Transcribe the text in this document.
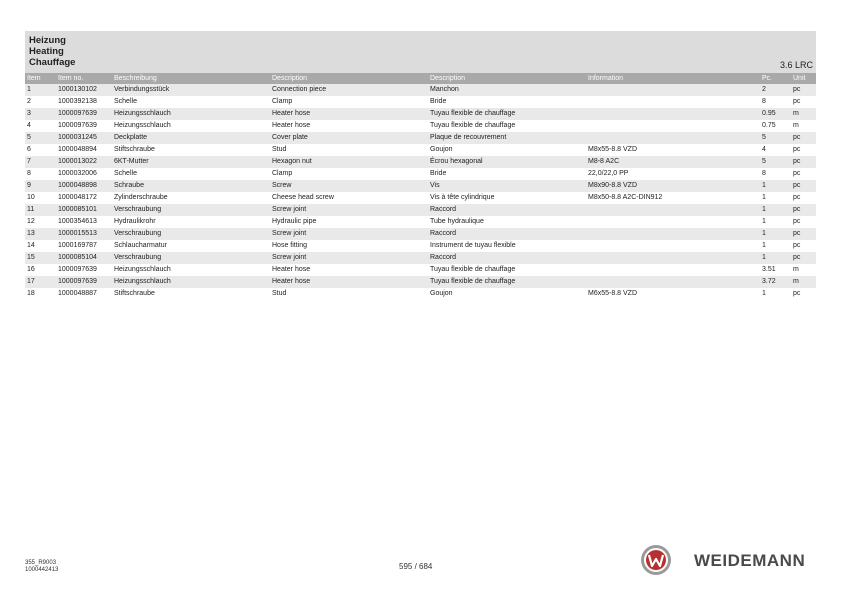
Heizung
Heating
Chauffage	3.6 LRC
Item	Item no.	Beschreibung	Description	Description	Information	Pc.	Unit
1	1000130102	Verbindungsstück	Connection piece	Manchon		2	pc
2	1000392138	Schelle	Clamp	Bride		8	pc
3	1000097639	Heizungsschlauch	Heater hose	Tuyau flexible de chauffage		0.95	m
4	1000097639	Heizungsschlauch	Heater hose	Tuyau flexible de chauffage		0.75	m
5	1000031245	Deckplatte	Cover plate	Plaque de recouvrement		5	pc
6	1000048894	Stiftschraube	Stud	Goujon	M8x55-8.8 VZD	4	pc
7	1000013022	6KT-Mutter	Hexagon nut	Écrou hexagonal	M8-8 A2C	5	pc
8	1000032006	Schelle	Clamp	Bride	22,0/22,0 PP	8	pc
9	1000048898	Schraube	Screw	Vis	M8x90-8.8 VZD	1	pc
10	1000048172	Zylinderschraube	Cheese head screw	Vis à tête cylindrique	M8x50-8.8 A2C-DIN912	1	pc
11	1000085101	Verschraubung	Screw joint	Raccord		1	pc
12	1000354613	Hydraulikrohr	Hydraulic pipe	Tube hydraulique		1	pc
13	1000015513	Verschraubung	Screw joint	Raccord		1	pc
14	1000169787	Schlaucharmatur	Hose fitting	Instrument de tuyau flexible		1	pc
15	1000085104	Verschraubung	Screw joint	Raccord		1	pc
16	1000097639	Heizungsschlauch	Heater hose	Tuyau flexible de chauffage		3.51	m
17	1000097639	Heizungsschlauch	Heater hose	Tuyau flexible de chauffage		3.72	m
18	1000048887	Stiftschraube	Stud	Goujon	M6x55-8.8 VZD	1	pc
355_R9003
1000442413	595 / 684	WEIDEMANN
